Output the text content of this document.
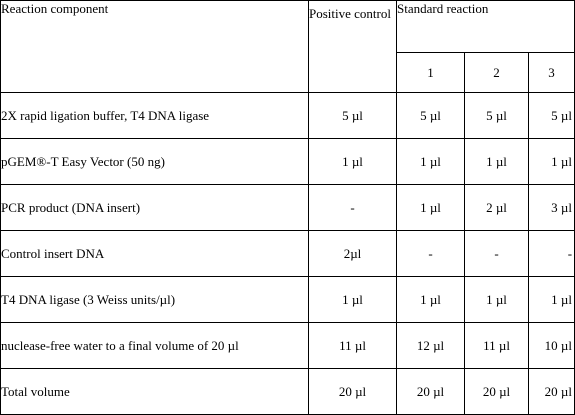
Reaction component	Positive control	Standard reaction		
		1	2	3
2X rapid ligation buffer, T4 DNA ligase	5 µl	5 µl	5 µl	5 µl
pGEM®-T Easy Vector (50 ng)	1 µl	1 µl	1 µl	1 µl
PCR product (DNA insert)	-	1 µl	2 µl	3 µl
Control insert DNA	2µl	-	-	-
T4 DNA ligase (3 Weiss units/µl)	1 µl	1 µl	1 µl	1 µl
nuclease-free water to a final volume of 20 µl	11 µl	12 µl	11 µl	10 µl
Total volume	20 µl	20 µl	20 µl	20 µl
